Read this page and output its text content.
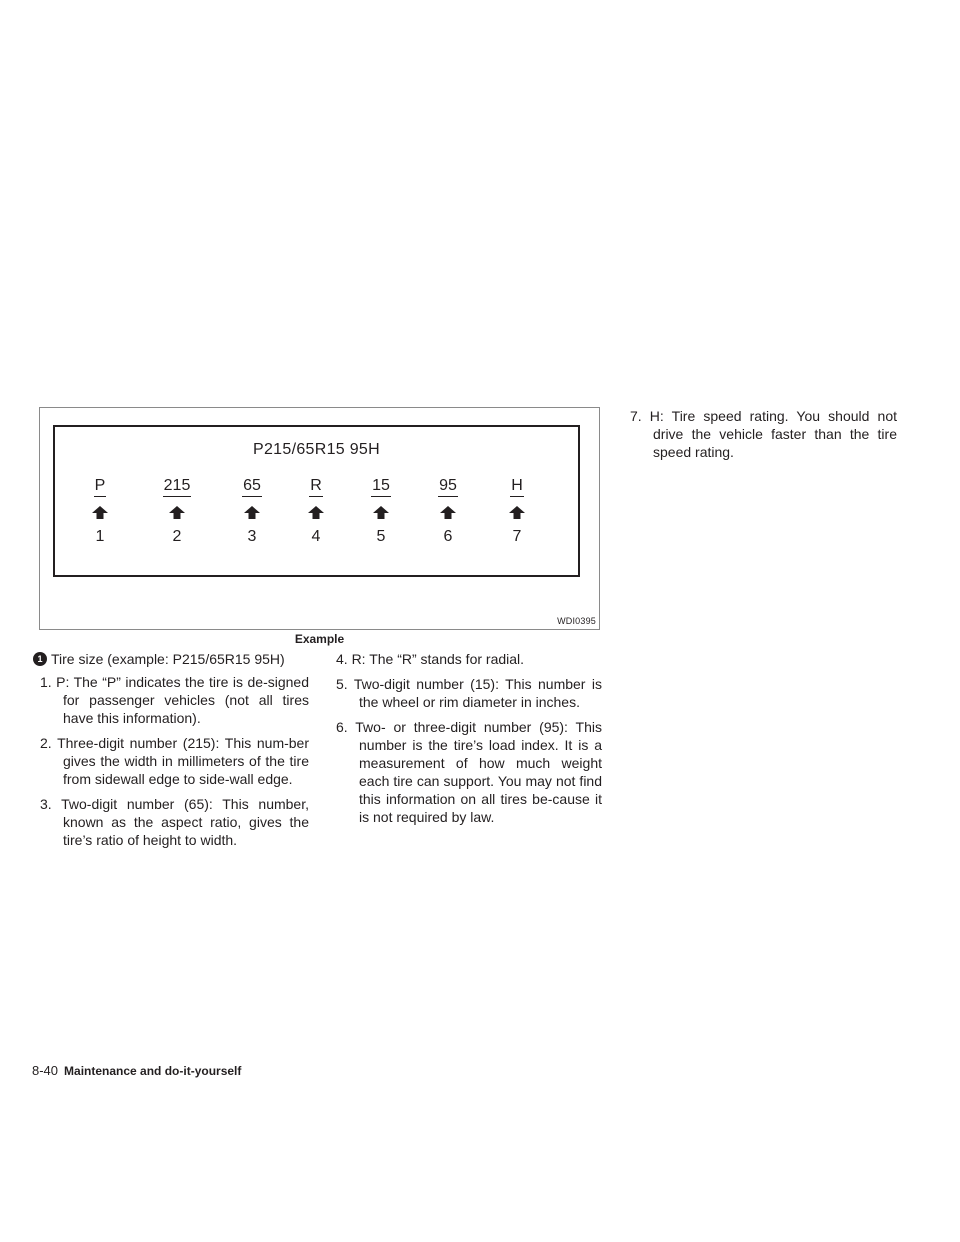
WDI0395
P215/65R15 95H
P
1
215
2
65
3
R
4
15
5
95
6
H
7
Example

1 Tire size (example: P215/65R15 95H)

1. P: The “P” indicates the tire is de-signed for passenger vehicles (not all tires have this information).

2. Three-digit number (215): This num-ber gives the width in millimeters of the tire from sidewall edge to side-wall edge.

3. Two-digit number (65): This number, known as the aspect ratio, gives the tire’s ratio of height to width.

4. R: The “R” stands for radial.

5. Two-digit number (15): This number is the wheel or rim diameter in inches.

6. Two- or three-digit number (95): This number is the tire’s load index. It is a measurement of how much weight each tire can support. You may not find this information on all tires be-cause it is not required by law.

7. H: Tire speed rating. You should not drive the vehicle faster than the tire speed rating.

8-40 Maintenance and do-it-yourself
